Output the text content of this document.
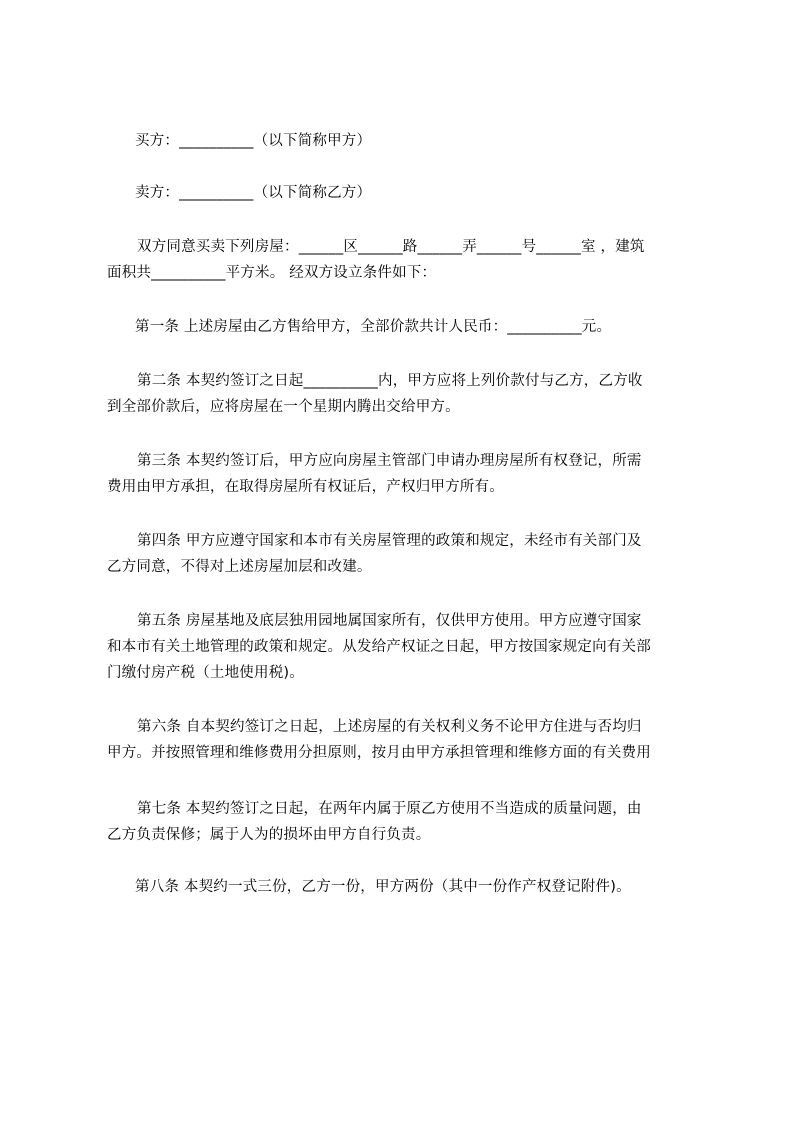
买方：__________（以下简称甲方）
卖方：__________（以下简称乙方）
双方同意买卖下列房屋：______区______路______弄______号______室 ，建筑
面积共__________平方米。 经双方设立条件如下：
第一条 上述房屋由乙方售给甲方，全部价款共计人民币：__________元。
第二条 本契约签订之日起__________内，甲方应将上列价款付与乙方，乙方收
到全部价款后，应将房屋在一个星期内腾出交给甲方。
第三条 本契约签订后，甲方应向房屋主管部门申请办理房屋所有权登记，所需
费用由甲方承担，在取得房屋所有权证后，产权归甲方所有。
第四条 甲方应遵守国家和本市有关房屋管理的政策和规定，未经市有关部门及
乙方同意，不得对上述房屋加层和改建。
第五条 房屋基地及底层独用园地属国家所有，仅供甲方使用。甲方应遵守国家
和本市有关土地管理的政策和规定。从发给产权证之日起，甲方按国家规定向有关部
门缴付房产税（土地使用税)。
第六条 自本契约签订之日起，上述房屋的有关权利义务不论甲方住进与否均归
甲方。并按照管理和维修费用分担原则，按月由甲方承担管理和维修方面的有关费用
第七条 本契约签订之日起，在两年内属于原乙方使用不当造成的质量问题，由
乙方负责保修；属于人为的损坏由甲方自行负责。
第八条 本契约一式三份，乙方一份，甲方两份（其中一份作产权登记附件)。
